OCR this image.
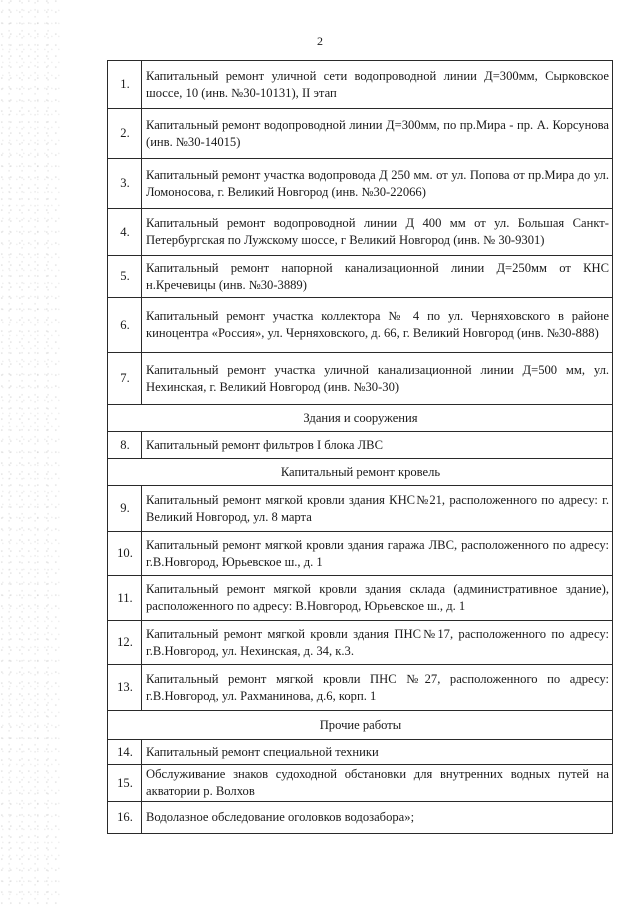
2
1.	Капитальный ремонт уличной сети водопроводной линии Д=300мм, Сырковское шоссе, 10 (инв. №30-10131), II этап
2.	Капитальный ремонт водопроводной линии Д=300мм, по пр.Мира - пр. А. Корсунова (инв. №30-14015)
3.	Капитальный ремонт участка водопровода Д 250 мм. от ул. Попова от пр.Мира до ул. Ломоносова, г. Великий Новгород (инв. №30-22066)
4.	Капитальный ремонт водопроводной линии Д 400 мм от ул. Большая Санкт-Петербургская по Лужскому шоссе, г Великий Новгород (инв. № 30-9301)
5.	Капитальный ремонт напорной канализационной линии Д=250мм от КНС н.Кречевицы (инв. №30-3889)
6.	Капитальный ремонт участка коллектора № 4 по ул. Черняховского в районе киноцентра «Россия», ул. Черняховского, д. 66, г. Великий Новгород (инв. №30-888)
7.	Капитальный ремонт участка уличной канализационной линии Д=500 мм, ул. Нехинская, г. Великий Новгород (инв. №30-30)
Здания и сооружения	
8.	Капитальный ремонт фильтров I блока ЛВС
Капитальный ремонт кровель	
9.	Капитальный ремонт мягкой кровли здания КНС№21, расположенного по адресу: г. Великий Новгород, ул. 8 марта
10.	Капитальный ремонт мягкой кровли здания гаража ЛВС, расположенного по адресу: г.В.Новгород, Юрьевское ш., д. 1
11.	Капитальный ремонт мягкой кровли здания склада (административное здание), расположенного по адресу: В.Новгород, Юрьевское ш., д. 1
12.	Капитальный ремонт мягкой кровли здания ПНС№17, расположенного по адресу: г.В.Новгород, ул. Нехинская, д. 34, к.3.
13.	Капитальный ремонт мягкой кровли ПНС №27, расположенного по адресу: г.В.Новгород, ул. Рахманинова, д.6, корп. 1
Прочие работы	
14.	Капитальный ремонт специальной техники
15.	Обслуживание знаков судоходной обстановки для внутренних водных путей на акватории р. Волхов
16.	Водолазное обследование оголовков водозабора»;
